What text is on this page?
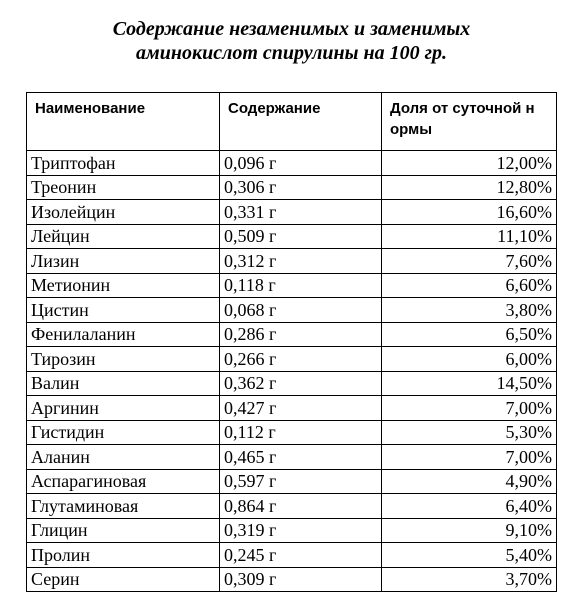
Содержание незаменимых и заменимых
аминокислот спирулины на 100 гр.
Наименование	Содержание	Доля от суточной н ормы
Триптофан	0,096 г	12,00%
Треонин	0,306 г	12,80%
Изолейцин	0,331 г	16,60%
Лейцин	0,509 г	11,10%
Лизин	0,312 г	7,60%
Метионин	0,118 г	6,60%
Цистин	0,068 г	3,80%
Фенилаланин	0,286 г	6,50%
Тирозин	0,266 г	6,00%
Валин	0,362 г	14,50%
Аргинин	0,427 г	7,00%
Гистидин	0,112 г	5,30%
Аланин	0,465 г	7,00%
Аспарагиновая	0,597 г	4,90%
Глутаминовая	0,864 г	6,40%
Глицин	0,319 г	9,10%
Пролин	0,245 г	5,40%
Серин	0,309 г	3,70%
